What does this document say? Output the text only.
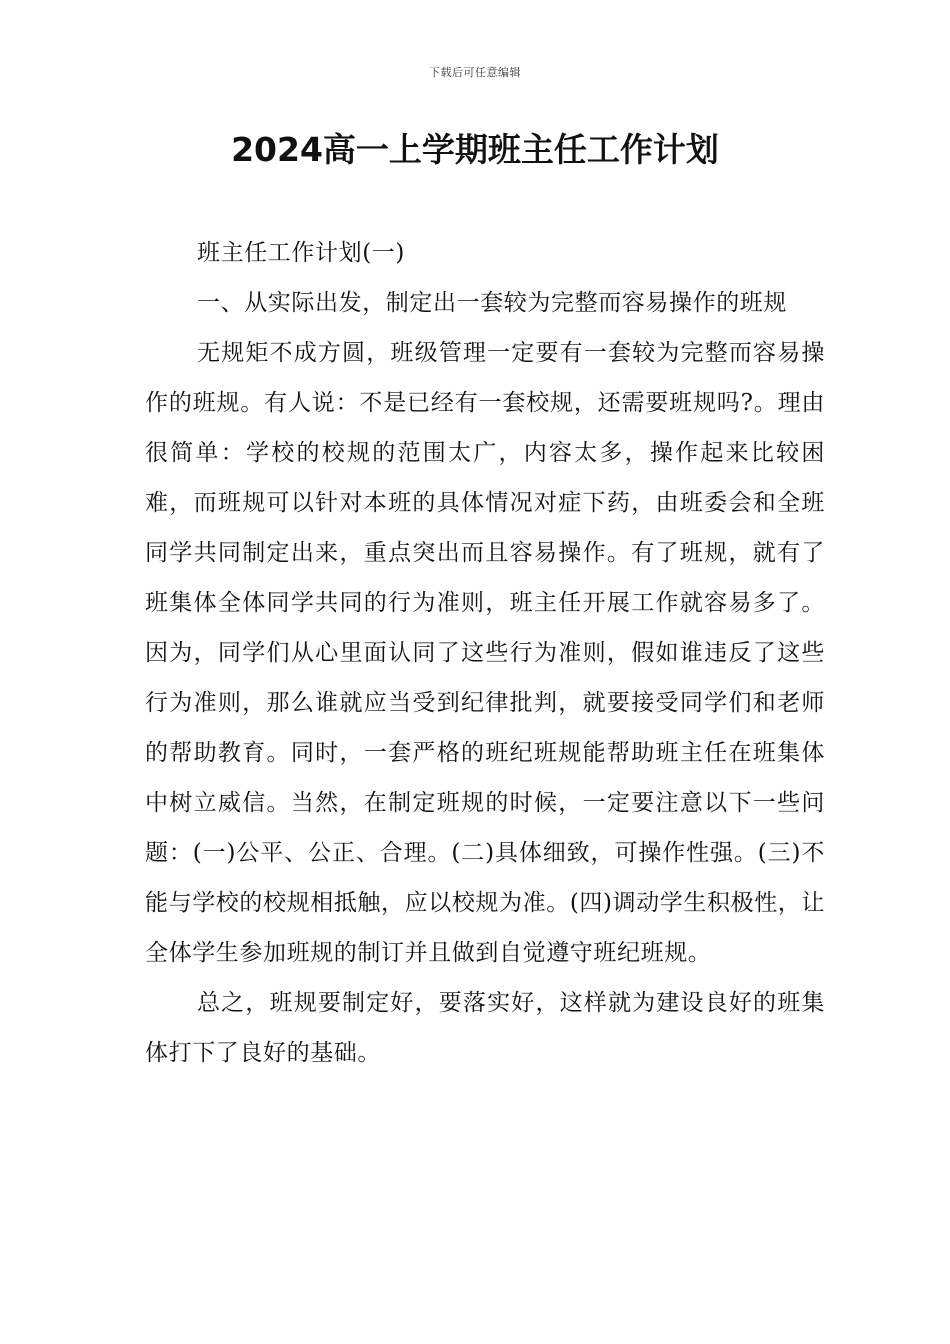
下载后可任意编辑
2024高一上学期班主任工作计划

班主任工作计划(一)

一、从实际出发，制定出一套较为完整而容易操作的班规

无规矩不成方圆，班级管理一定要有一套较为完整而容易操作的班规。有人说：不是已经有一套校规，还需要班规吗?。理由很简单：学校的校规的范围太广，内容太多，操作起来比较困难，而班规可以针对本班的具体情况对症下药，由班委会和全班同学共同制定出来，重点突出而且容易操作。有了班规，就有了班集体全体同学共同的行为准则，班主任开展工作就容易多了。因为，同学们从心里面认同了这些行为准则，假如谁违反了这些行为准则，那么谁就应当受到纪律批判，就要接受同学们和老师的帮助教育。同时，一套严格的班纪班规能帮助班主任在班集体中树立威信。当然，在制定班规的时候，一定要注意以下一些问题：(一)公平、公正、合理。(二)具体细致，可操作性强。(三)不能与学校的校规相抵触，应以校规为准。(四)调动学生积极性，让全体学生参加班规的制订并且做到自觉遵守班纪班规。

总之，班规要制定好，要落实好，这样就为建设良好的班集体打下了良好的基础。
